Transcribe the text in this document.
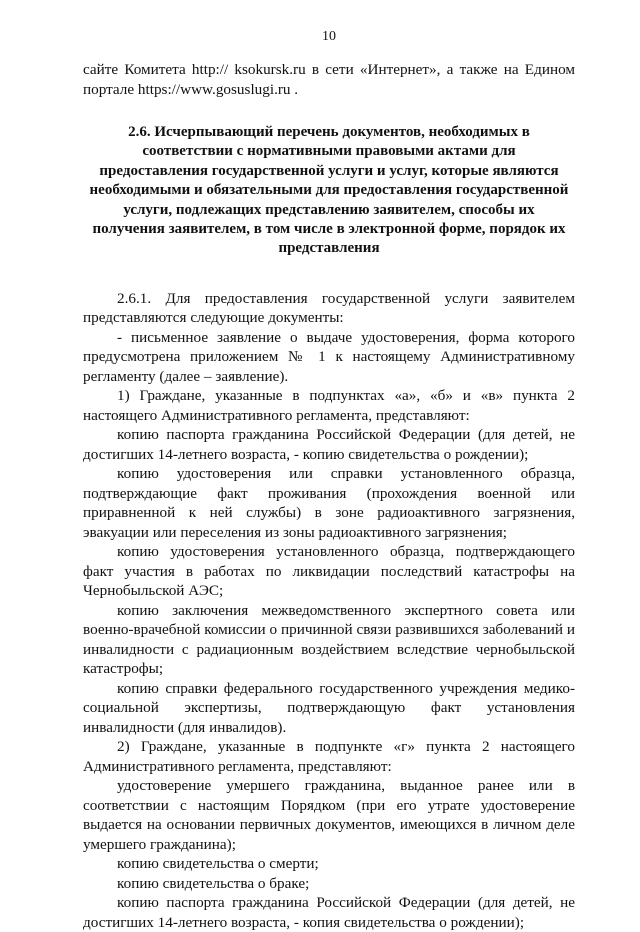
10

сайте Комитета http:// ksokursk.ru в сети «Интернет», а также на Едином портале https://www.gosuslugi.ru .

2.6. Исчерпывающий перечень документов, необходимых в соответствии с нормативными правовыми актами для предоставления государственной услуги и услуг, которые являются необходимыми и обязательными для предоставления государственной услуги, подлежащих представлению заявителем, способы их получения заявителем, в том числе в электронной форме, порядок их представления

2.6.1. Для предоставления государственной услуги заявителем представляются следующие документы:

- письменное заявление о выдаче удостоверения, форма которого предусмотрена приложением № 1 к настоящему Административному регламенту (далее – заявление).

1) Граждане, указанные в подпунктах «а», «б» и «в» пункта 2 настоящего Административного регламента, представляют:

копию паспорта гражданина Российской Федерации (для детей, не достигших 14-летнего возраста, - копию свидетельства о рождении);

копию удостоверения или справки установленного образца, подтверждающие факт проживания (прохождения военной или приравненной к ней службы) в зоне радиоактивного загрязнения, эвакуации или переселения из зоны радиоактивного загрязнения;

копию удостоверения установленного образца, подтверждающего факт участия в работах по ликвидации последствий катастрофы на Чернобыльской АЭС;

копию заключения межведомственного экспертного совета или военно-врачебной комиссии о причинной связи развившихся заболеваний и инвалидности с радиационным воздействием вследствие чернобыльской катастрофы;

копию справки федерального государственного учреждения медико-социальной экспертизы, подтверждающую факт установления инвалидности (для инвалидов).

2) Граждане, указанные в подпункте «г» пункта 2 настоящего Административного регламента, представляют:

удостоверение умершего гражданина, выданное ранее или в соответствии с настоящим Порядком (при его утрате удостоверение выдается на основании первичных документов, имеющихся в личном деле умершего гражданина);

копию свидетельства о смерти;

копию свидетельства о браке;

копию паспорта гражданина Российской Федерации (для детей, не достигших 14-летнего возраста, - копия свидетельства о рождении);
